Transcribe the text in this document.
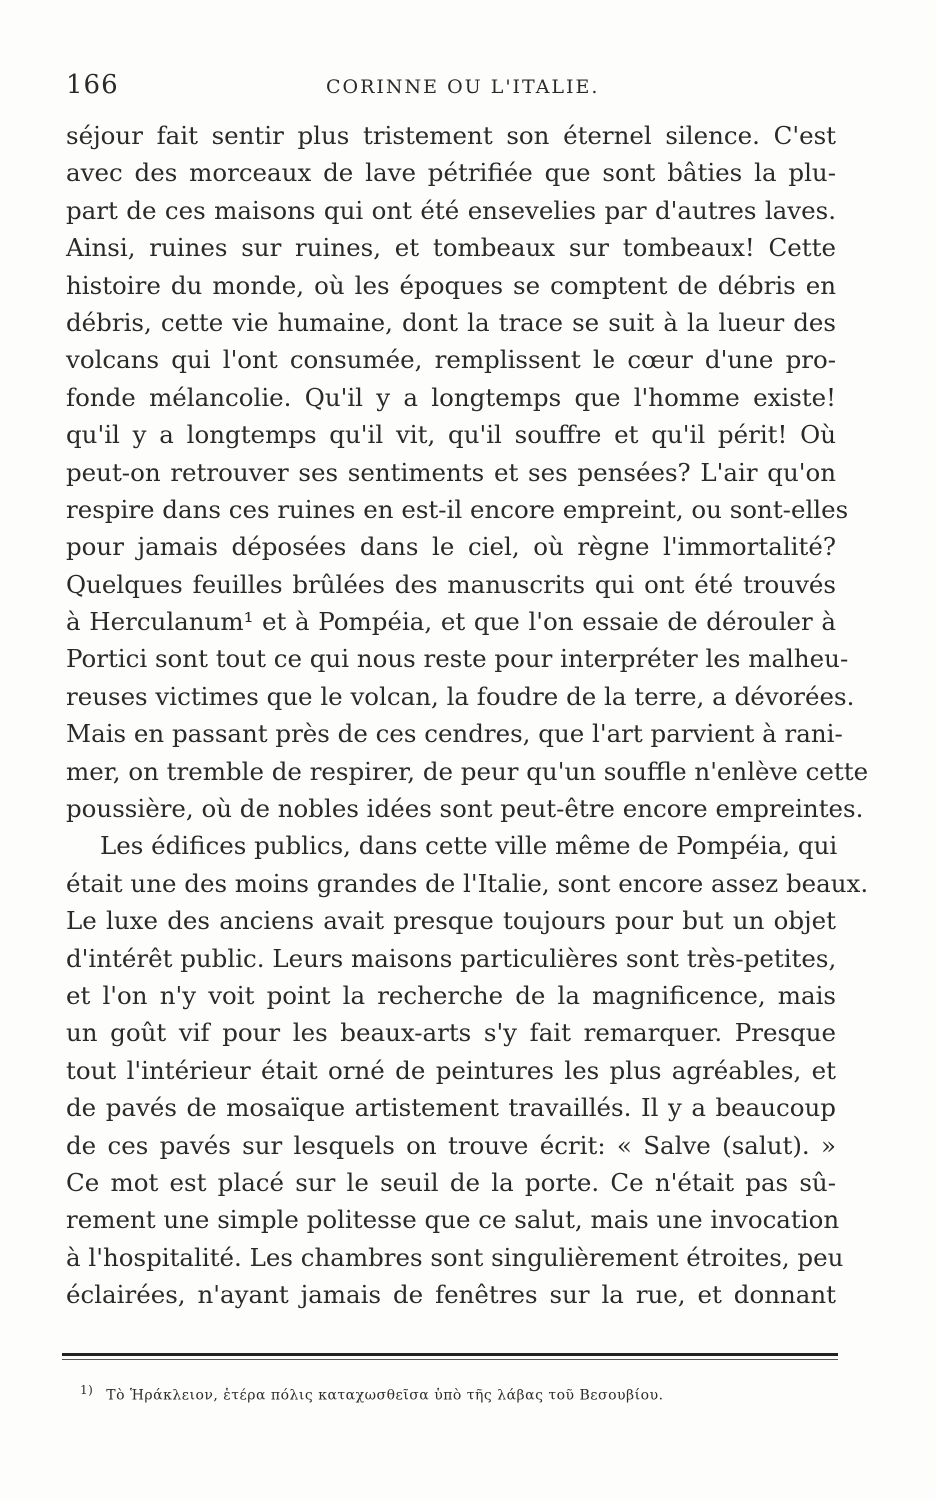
166	CORINNE OU L'ITALIE.
séjour fait sentir plus tristement son éternel silence. C'est
avec des morceaux de lave pétrifiée que sont bâties la plu-
part de ces maisons qui ont été ensevelies par d'autres laves.
Ainsi, ruines sur ruines, et tombeaux sur tombeaux! Cette
histoire du monde, où les époques se comptent de débris en
débris, cette vie humaine, dont la trace se suit à la lueur des
volcans qui l'ont consumée, remplissent le cœur d'une pro-
fonde mélancolie. Qu'il y a longtemps que l'homme existe!
qu'il y a longtemps qu'il vit, qu'il souffre et qu'il périt! Où
peut-on retrouver ses sentiments et ses pensées? L'air qu'on
respire dans ces ruines en est-il encore empreint, ou sont-elles
pour jamais déposées dans le ciel, où règne l'immortalité?
Quelques feuilles brûlées des manuscrits qui ont été trouvés
à Herculanum¹ et à Pompéia, et que l'on essaie de dérouler à
Portici sont tout ce qui nous reste pour interpréter les malheu-
reuses victimes que le volcan, la foudre de la terre, a dévorées.
Mais en passant près de ces cendres, que l'art parvient à rani-
mer, on tremble de respirer, de peur qu'un souffle n'enlève cette
poussière, où de nobles idées sont peut-être encore empreintes.
Les édifices publics, dans cette ville même de Pompéia, qui
était une des moins grandes de l'Italie, sont encore assez beaux.
Le luxe des anciens avait presque toujours pour but un objet
d'intérêt public. Leurs maisons particulières sont très-petites,
et l'on n'y voit point la recherche de la magnificence, mais
un goût vif pour les beaux-arts s'y fait remarquer. Presque
tout l'intérieur était orné de peintures les plus agréables, et
de pavés de mosaïque artistement travaillés. Il y a beaucoup
de ces pavés sur lesquels on trouve écrit: « Salve (salut). »
Ce mot est placé sur le seuil de la porte. Ce n'était pas sû-
rement une simple politesse que ce salut, mais une invocation
à l'hospitalité. Les chambres sont singulièrement étroites, peu
éclairées, n'ayant jamais de fenêtres sur la rue, et donnant
1) Τὸ Ἡράκλειον, ἑτέρα πόλις καταχωσθεῖσα ὑπὸ τῆς λάβας τοῦ Βεσουβίου.
